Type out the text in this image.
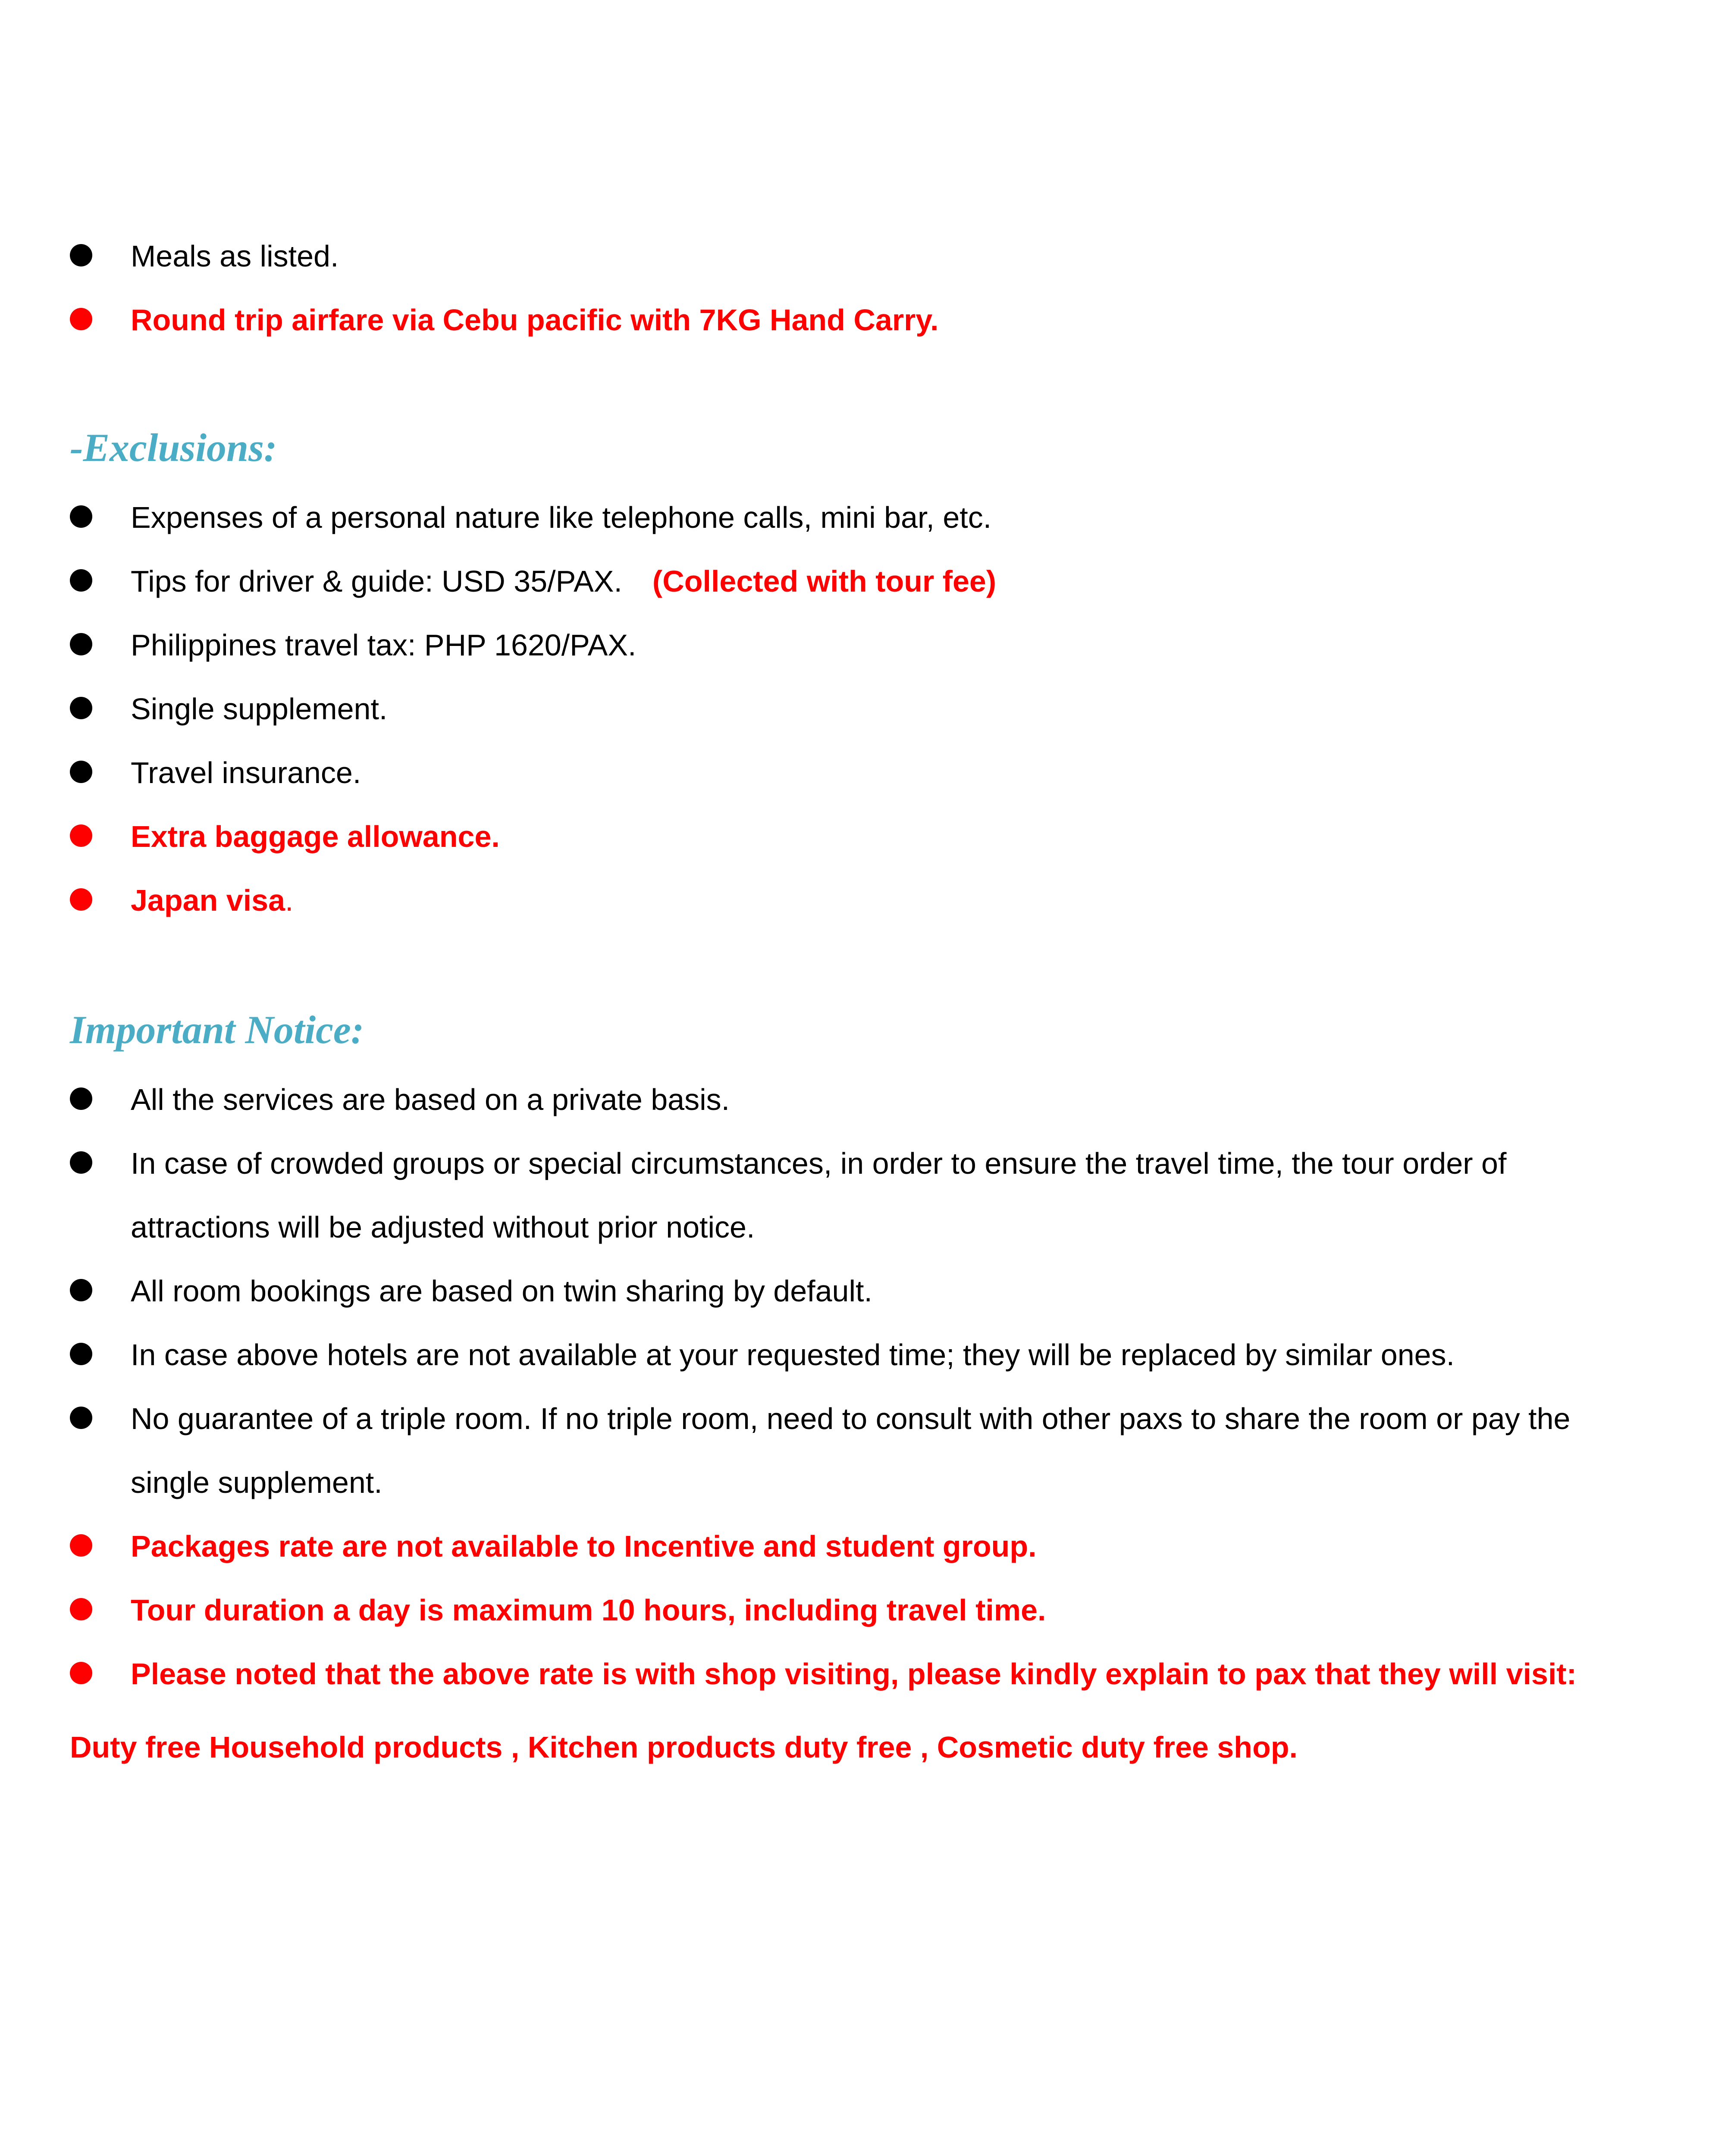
Meals as listed.
Round trip airfare via Cebu pacific with 7KG Hand Carry.
-Exclusions:
Expenses of a personal nature like telephone calls, mini bar, etc.
Tips for driver & guide: USD 35/PAX. (Collected with tour fee)
Philippines travel tax: PHP 1620/PAX.
Single supplement.
Travel insurance.
Extra baggage allowance.
Japan visa.
Important Notice:
All the services are based on a private basis.
In case of crowded groups or special circumstances, in order to ensure the travel time, the tour order of attractions will be adjusted without prior notice.
All room bookings are based on twin sharing by default.
In case above hotels are not available at your requested time; they will be replaced by similar ones.
No guarantee of a triple room. If no triple room, need to consult with other paxs to share the room or pay the single supplement.
Packages rate are not available to Incentive and student group.
Tour duration a day is maximum 10 hours, including travel time.
Please noted that the above rate is with shop visiting, please kindly explain to pax that they will visit:
Duty free Household products , Kitchen products duty free , Cosmetic duty free shop.
